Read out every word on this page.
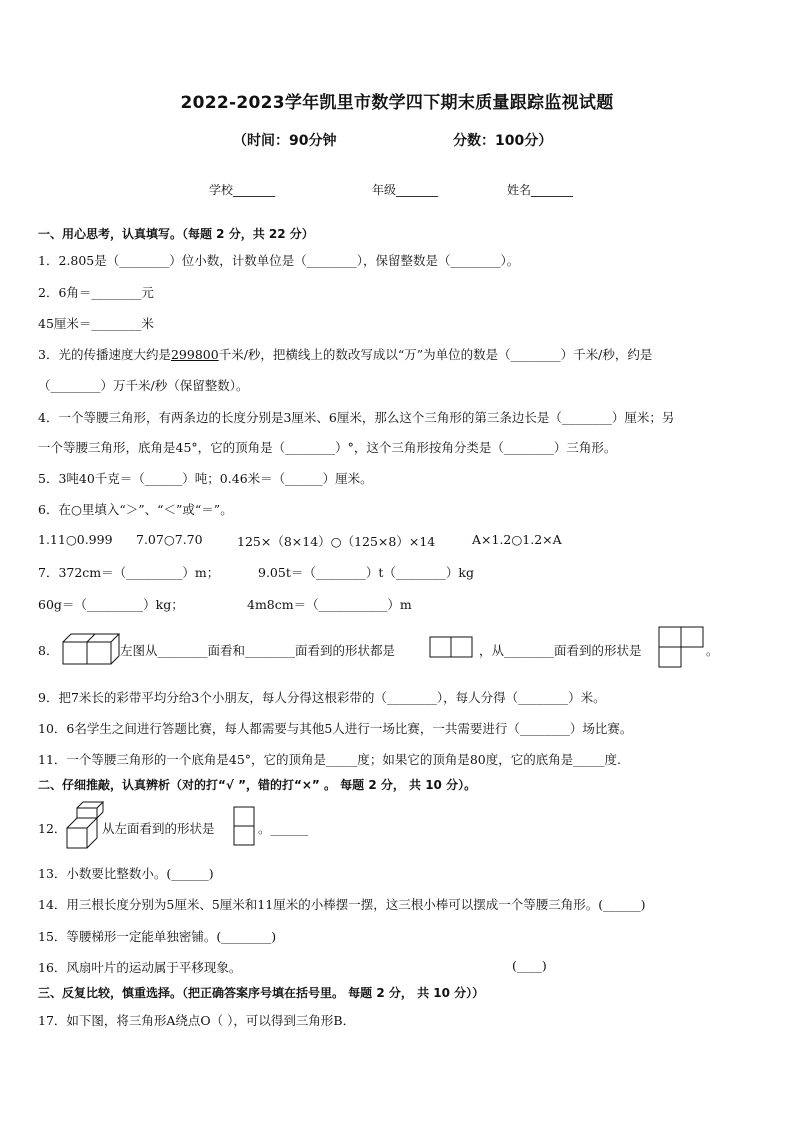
2022-2023学年凯里市数学四下期末质量跟踪监视试题
（时间：90分钟	分数：100分）
学校_______	年级_______	姓名_______
一、用心思考，认真填写。（每题 2 分，共 22 分）
1．2.805是（________）位小数，计数单位是（________），保留整数是（________）。
2．6角＝________元
45厘米＝________米
3．光的传播速度大约是299800千米/秒，把横线上的数改写成以“万”为单位的数是（________）千米/秒，约是
（________）万千米/秒（保留整数）。
4．一个等腰三角形，有两条边的长度分别是3厘米、6厘米，那么这个三角形的第三条边长是（________）厘米；另
一个等腰三角形，底角是45°，它的顶角是（________）°，这个三角形按角分类是（________）三角形。
5．3吨40千克＝（______）吨；0.46米＝（______）厘米。
6．在○里填入“＞”、“＜”或“＝”。
1.11○0.999 7.07○7.70	125×（8×14）○（125×8）×14	A×1.2○1.2×A
7．372cm＝（_________）m；	9.05t＝（________）t（________）kg
60g＝（_________）kg；	4m8cm＝（___________）m
8．	左图从________面看和________面看到的形状都是	，从________面看到的形状是	。
9．把7米长的彩带平均分给3个小朋友，每人分得这根彩带的（________），每人分得（________）米。
10．6名学生之间进行答题比赛，每人都需要与其他5人进行一场比赛，一共需要进行（________）场比赛。
11．一个等腰三角形的一个底角是45°，它的顶角是_____度；如果它的顶角是80度，它的底角是_____度.
二、仔细推敲，认真辨析（对的打“√ ”，错的打“×” 。 每题 2 分， 共 10 分）。
12．	从左面看到的形状是	。______
13．小数要比整数小。(______)
14．用三根长度分别为5厘米、5厘米和11厘米的小棒摆一摆，这三根小棒可以摆成一个等腰三角形。(______)
15．等腰梯形一定能单独密铺。(________)
16．风扇叶片的运动属于平移现象。	(____)
三、反复比较，慎重选择。（把正确答案序号填在括号里。 每题 2 分， 共 10 分））
17．如下图，将三角形A绕点O（ ），可以得到三角形B．
